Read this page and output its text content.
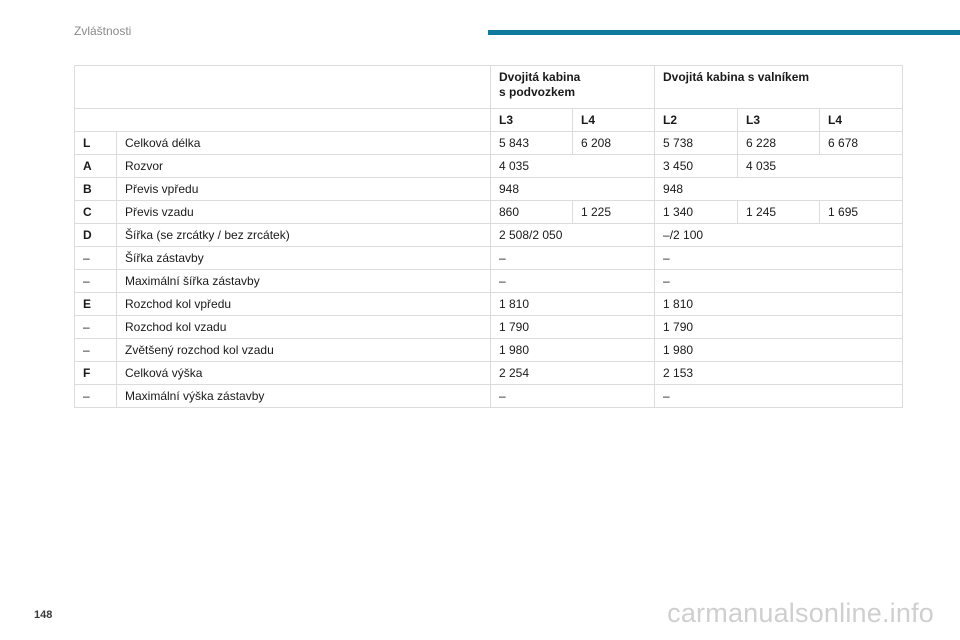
Zvláštnosti
		Dvojitá kabina
s podvozkem		Dvojitá kabina s valníkem		
		L3	L4	L2	L3	L4
L	Celková délka	5 843	6 208	5 738	6 228	6 678
A	Rozvor	4 035		3 450	4 035	
B	Převis vpředu	948		948		
C	Převis vzadu	860	1 225	1 340	1 245	1 695
D	Šířka (se zrcátky / bez zrcátek)	2 508/2 050		–/2 100		
–	Šířka zástavby	–		–		
–	Maximální šířka zástavby	–		–		
E	Rozchod kol vpředu	1 810		1 810		
–	Rozchod kol vzadu	1 790		1 790		
–	Zvětšený rozchod kol vzadu	1 980		1 980		
F	Celková výška	2 254		2 153		
–	Maximální výška zástavby	–		–		
148	carmanualsonline.info
